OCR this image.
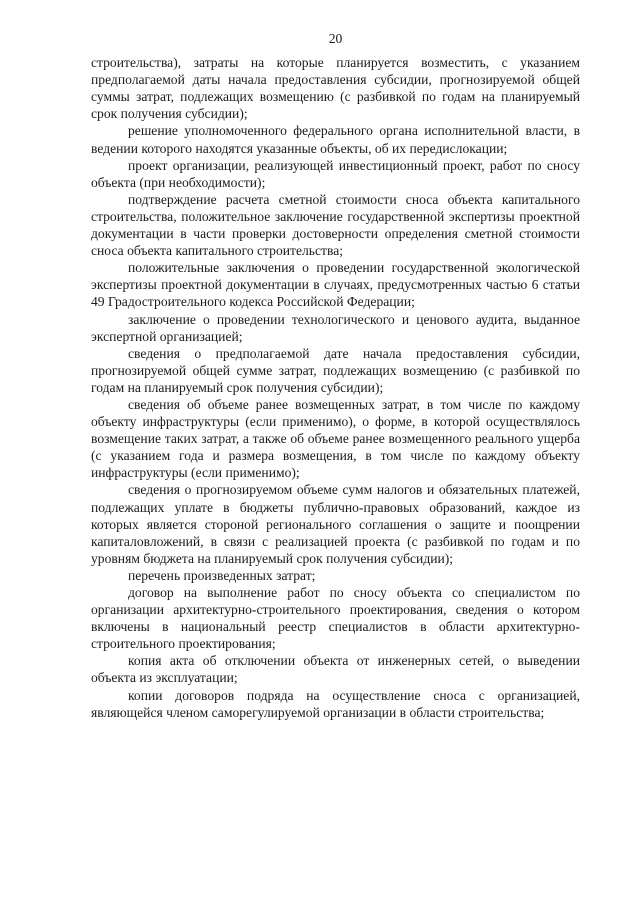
20

строительства), затраты на которые планируется возместить, с указанием предполагаемой даты начала предоставления субсидии, прогнозируемой общей суммы затрат, подлежащих возмещению (с разбивкой по годам на планируемый срок получения субсидии);

решение уполномоченного федерального органа исполнительной власти, в ведении которого находятся указанные объекты, об их передислокации;

проект организации, реализующей инвестиционный проект, работ по сносу объекта (при необходимости);

подтверждение расчета сметной стоимости сноса объекта капитального строительства, положительное заключение государственной экспертизы проектной документации в части проверки достоверности определения сметной стоимости сноса объекта капитального строительства;

положительные заключения о проведении государственной экологической экспертизы проектной документации в случаях, предусмотренных частью 6 статьи 49 Градостроительного кодекса Российской Федерации;

заключение о проведении технологического и ценового аудита, выданное экспертной организацией;

сведения о предполагаемой дате начала предоставления субсидии, прогнозируемой общей сумме затрат, подлежащих возмещению (с разбивкой по годам на планируемый срок получения субсидии);

сведения об объеме ранее возмещенных затрат, в том числе по каждому объекту инфраструктуры (если применимо), о форме, в которой осуществлялось возмещение таких затрат, а также об объеме ранее возмещенного реального ущерба (с указанием года и размера возмещения, в том числе по каждому объекту инфраструктуры (если применимо);

сведения о прогнозируемом объеме сумм налогов и обязательных платежей, подлежащих уплате в бюджеты публично-правовых образований, каждое из которых является стороной регионального соглашения о защите и поощрении капиталовложений, в связи с реализацией проекта (с разбивкой по годам и по уровням бюджета на планируемый срок получения субсидии);

перечень произведенных затрат;

договор на выполнение работ по сносу объекта со специалистом по организации архитектурно-строительного проектирования, сведения о котором включены в национальный реестр специалистов в области архитектурно-строительного проектирования;

копия акта об отключении объекта от инженерных сетей, о выведении объекта из эксплуатации;

копии договоров подряда на осуществление сноса с организацией, являющейся членом саморегулируемой организации в области строительства;
